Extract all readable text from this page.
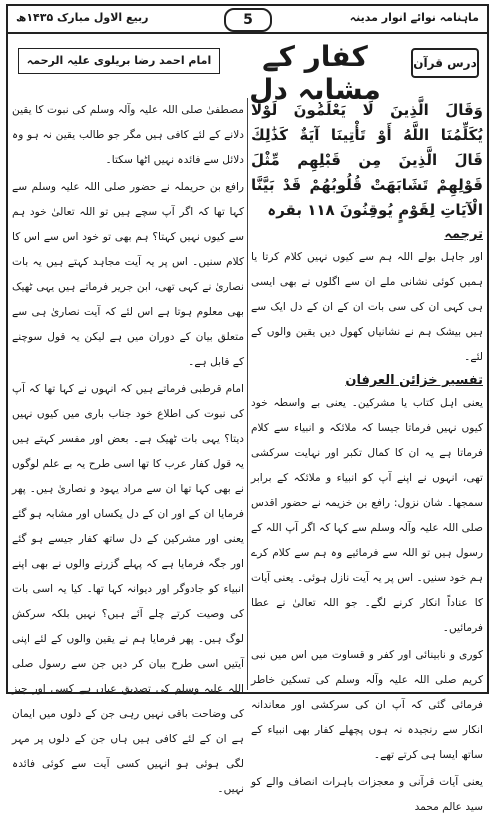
ماہنامہ نوائے انوار مدینہ
5
ربیع الاول مبارک ۱۴۳۵ھ
درس قرآن
کفار کے مشابہ دل
امام احمد رضا بریلوی علیہ الرحمہ

وَقَالَ الَّذِينَ لَا يَعْلَمُونَ لَوْلَا يُكَلِّمُنَا اللَّهُ أَوْ تَأْتِينَا آيَةٌ كَذَٰلِكَ قَالَ الَّذِينَ مِن قَبْلِهِم مِّثْلَ قَوْلِهِمْ تَشَابَهَتْ قُلُوبُهُمْ قَدْ بَيَّنَّا الْآيَاتِ لِقَوْمٍ يُوقِنُونَ ۱۱۸ بقرہ

ترجمہ

اور جاہل بولے اللہ ہم سے کیوں نہیں کلام کرتا یا ہمیں کوئی نشانی ملے ان سے اگلوں نے بھی ایسی ہی کہی ان کی سی بات ان کے ان کے دل ایک سے ہیں بیشک ہم نے نشانیاں کھول دیں یقین والوں کے لئے۔

تفسیر خزائن العرفان

یعنی اہل کتاب یا مشرکین۔ یعنی بے واسطہ خود کیوں نہیں فرماتا جیسا کہ ملائکہ و انبیاء سے کلام فرماتا ہے یہ ان کا کمال تکبر اور نہایت سرکشی تھی، انہوں نے اپنے آپ کو انبیاء و ملائکہ کے برابر سمجھا۔ شان نزول: رافع بن خزیمہ نے حضور اقدس صلی اللہ علیہ وآلہ وسلم سے کہا کہ اگر آپ اللہ کے رسول ہیں تو اللہ سے فرمائیے وہ ہم سے کلام کرے ہم خود سنیں۔ اس پر یہ آیت نازل ہوئی۔ یعنی آیات کا عناداً انکار کرنے لگے۔ جو اللہ تعالیٰ نے عطا فرمائیں۔

کوری و نابینائی اور کفر و قساوت میں اس میں نبی کریم صلی اللہ علیہ وآلہ وسلم کی تسکین خاطر فرمائی گئی کہ آپ ان کی سرکشی اور معاندانہ انکار سے رنجیدہ نہ ہوں پچھلے کفار بھی انبیاء کے ساتھ ایسا ہی کرتے تھے۔

یعنی آیات قرآنی و معجزات باہرات انصاف والے کو سید عالم محمد

مصطفیٰ صلی اللہ علیہ وآلہ وسلم کی نبوت کا یقین دلانے کے لئے کافی ہیں مگر جو طالب یقین نہ ہو وہ دلائل سے فائدہ نہیں اٹھا سکتا۔

رافع بن حریملہ نے حضور صلی اللہ علیہ وسلم سے کہا تھا کہ اگر آپ سچے ہیں تو اللہ تعالیٰ خود ہم سے کیوں نہیں کہتا؟ ہم بھی تو خود اس سے اس کا کلام سنیں۔ اس پر یہ آیت مجاہد کہتے ہیں یہ بات نصاریٰ نے کہی تھی، ابن جریر فرماتے ہیں یہی ٹھیک بھی معلوم ہوتا ہے اس لئے کہ آیت نصاریٰ ہی سے متعلق بیان کے دوران میں ہے لیکن یہ قول سوچنے کے قابل ہے۔

امام قرطبی فرماتے ہیں کہ انہوں نے کہا تھا کہ آپ کی نبوت کی اطلاع خود جناب باری میں کیوں نہیں دیتا؟ یہی بات ٹھیک ہے۔ بعض اور مفسر کہتے ہیں یہ قول کفار عرب کا تھا اسی طرح یہ بے علم لوگوں نے بھی کہا تھا ان سے مراد یہود و نصاریٰ ہیں۔ پھر فرمایا ان کے اور ان کے دل یکساں اور مشابہ ہو گئے یعنی اور مشرکین کے دل ساتھ کفار جیسے ہو گئے اور جگہ فرمایا ہے کہ پہلے گزرنے والوں نے بھی اپنے انبیاء کو جادوگر اور دیوانہ کہا تھا۔ کیا یہ اسی بات کی وصیت کرتے چلے آئے ہیں؟ نہیں بلکہ سرکش لوگ ہیں۔ پھر فرمایا ہم نے یقین والوں کے لئے اپنی آیتیں اسی طرح بیان کر دیں جن سے رسول صلی اللہ علیہ وسلم کی تصدیق عیاں ہے کسی اور چیز کی وضاحت باقی نہیں رہی جن کے دلوں میں ایمان ہے ان کے لئے کافی ہیں ہاں جن کے دلوں پر مہر لگی ہوئی ہو انہیں کسی آیت سے کوئی فائدہ نہیں۔
